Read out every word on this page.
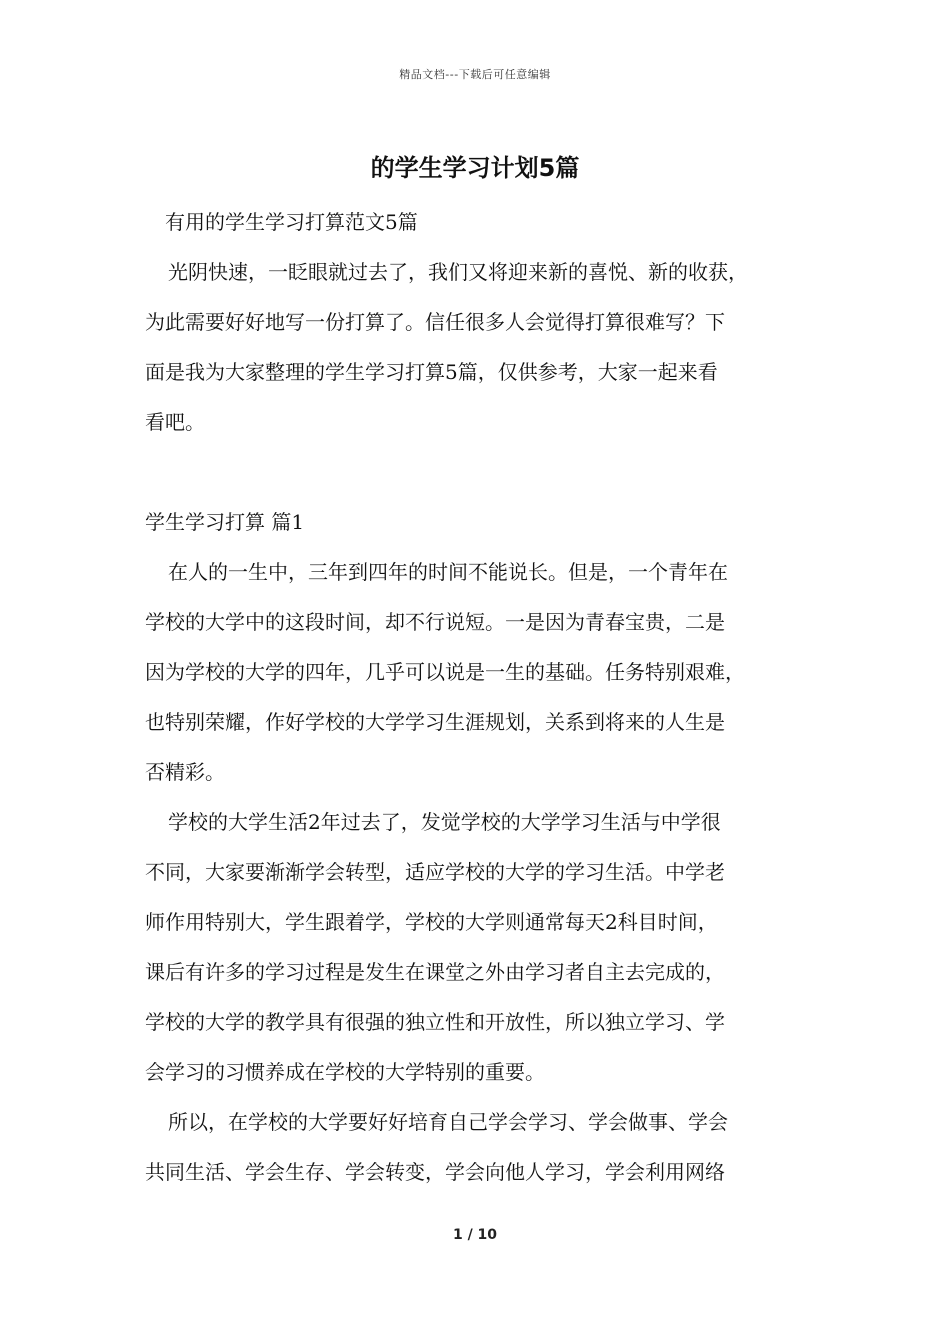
精品文档---下载后可任意编辑
的学生学习计划5篇
有用的学生学习打算范文5篇
光阴快速，一眨眼就过去了，我们又将迎来新的喜悦、新的收获，
为此需要好好地写一份打算了。信任很多人会觉得打算很难写？下
面是我为大家整理的学生学习打算5篇，仅供参考，大家一起来看
看吧。
学生学习打算 篇1
在人的一生中，三年到四年的时间不能说长。但是，一个青年在
学校的大学中的这段时间，却不行说短。一是因为青春宝贵，二是
因为学校的大学的四年，几乎可以说是一生的基础。任务特别艰难，
也特别荣耀，作好学校的大学学习生涯规划，关系到将来的人生是
否精彩。
学校的大学生活2年过去了，发觉学校的大学学习生活与中学很
不同，大家要渐渐学会转型，适应学校的大学的学习生活。中学老
师作用特别大，学生跟着学，学校的大学则通常每天2科目时间，
课后有许多的学习过程是发生在课堂之外由学习者自主去完成的，
学校的大学的教学具有很强的独立性和开放性，所以独立学习、学
会学习的习惯养成在学校的大学特别的重要。
所以，在学校的大学要好好培育自己学会学习、学会做事、学会
共同生活、学会生存、学会转变，学会向他人学习，学会利用网络
1 / 10
